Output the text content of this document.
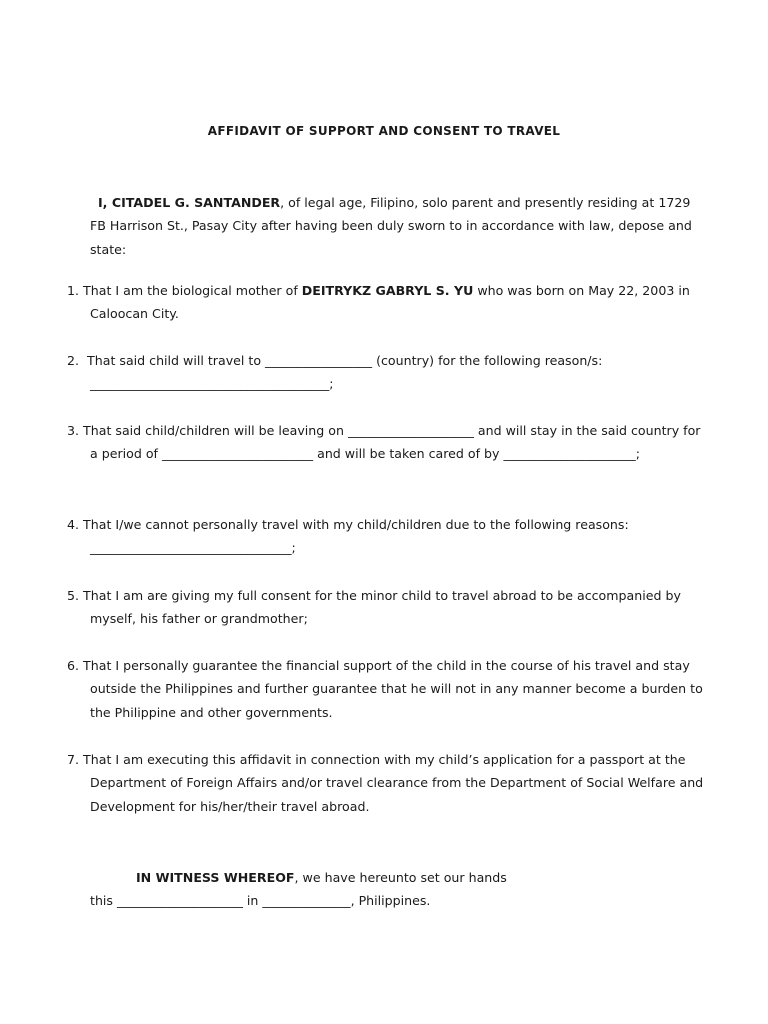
AFFIDAVIT OF SUPPORT AND CONSENT TO TRAVEL
I, CITADEL G. SANTANDER, of legal age, Filipino, solo parent and presently residing at 1729 FB Harrison St., Pasay City after having been duly sworn to in accordance with law, depose and state:
1. That I am the biological mother of DEITRYKZ GABRYL S. YU who was born on May 22, 2003 in Caloocan City.
2. That said child will travel to _________________ (country) for the following reason/s: ______________________________________;
3. That said child/children will be leaving on ____________________ and will stay in the said country for a period of ________________________ and will be taken cared of by _____________________;
4. That I/we cannot personally travel with my child/children due to the following reasons: ________________________________;
5. That I am are giving my full consent for the minor child to travel abroad to be accompanied by myself, his father or grandmother;
6. That I personally guarantee the financial support of the child in the course of his travel and stay outside the Philippines and further guarantee that he will not in any manner become a burden to the Philippine and other governments.
7. That I am executing this affidavit in connection with my child’s application for a passport at the Department of Foreign Affairs and/or travel clearance from the Department of Social Welfare and Development for his/her/their travel abroad.
IN WITNESS WHEREOF, we have hereunto set our hands
this ____________________ in ______________, Philippines.
